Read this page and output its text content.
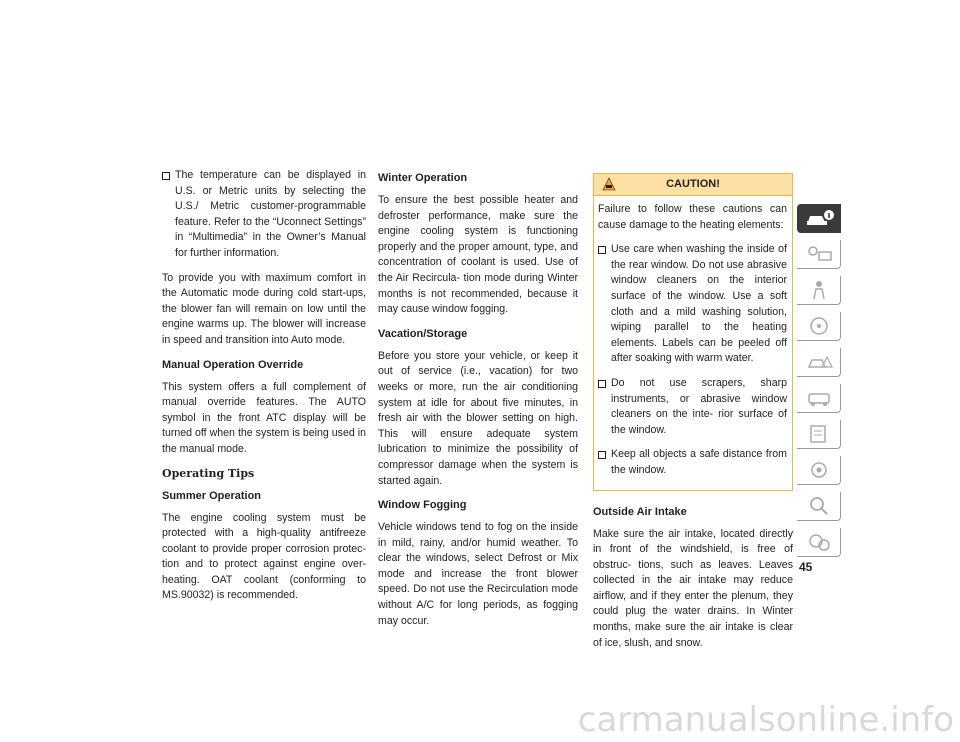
The temperature can be displayed in U.S. or Metric units by selecting the U.S./ Metric customer-programmable feature. Refer to the “Uconnect Settings” in “Multimedia” in the Owner’s Manual for further information.

To provide you with maximum comfort in the Automatic mode during cold start-ups, the blower fan will remain on low until the engine warms up. The blower will increase in speed and transition into Auto mode.

Manual Operation Override

This system offers a full complement of manual override features. The AUTO symbol in the front ATC display will be turned off when the system is being used in the manual mode.

Operating Tips
Summer Operation

The engine cooling system must be protected with a high-quality antifreeze coolant to provide proper corrosion protec- tion and to protect against engine over- heating. OAT coolant (conforming to MS.90032) is recommended.

Winter Operation

To ensure the best possible heater and defroster performance, make sure the engine cooling system is functioning properly and the proper amount, type, and concentration of coolant is used. Use of the Air Recircula- tion mode during Winter months is not recommended, because it may cause window fogging.

Vacation/Storage

Before you store your vehicle, or keep it out of service (i.e., vacation) for two weeks or more, run the air conditioning system at idle for about five minutes, in fresh air with the blower setting on high. This will ensure adequate system lubrication to minimize the possibility of compressor damage when the system is started again.

Window Fogging

Vehicle windows tend to fog on the inside in mild, rainy, and/or humid weather. To clear the windows, select Defrost or Mix mode and increase the front blower speed. Do not use the Recirculation mode without A/C for long periods, as fogging may occur.

CAUTION!

Failure to follow these cautions can cause damage to the heating elements:

Use care when washing the inside of the rear window. Do not use abrasive window cleaners on the interior surface of the window. Use a soft cloth and a mild washing solution, wiping parallel to the heating elements. Labels can be peeled off after soaking with warm water.
Do not use scrapers, sharp instruments, or abrasive window cleaners on the inte- rior surface of the window.
Keep all objects a safe distance from the window.
Outside Air Intake

Make sure the air intake, located directly in front of the windshield, is free of obstruc- tions, such as leaves. Leaves collected in the air intake may reduce airflow, and if they enter the plenum, they could plug the water drains. In Winter months, make sure the air intake is clear of ice, slush, and snow.

45
carmanualsonline.info
